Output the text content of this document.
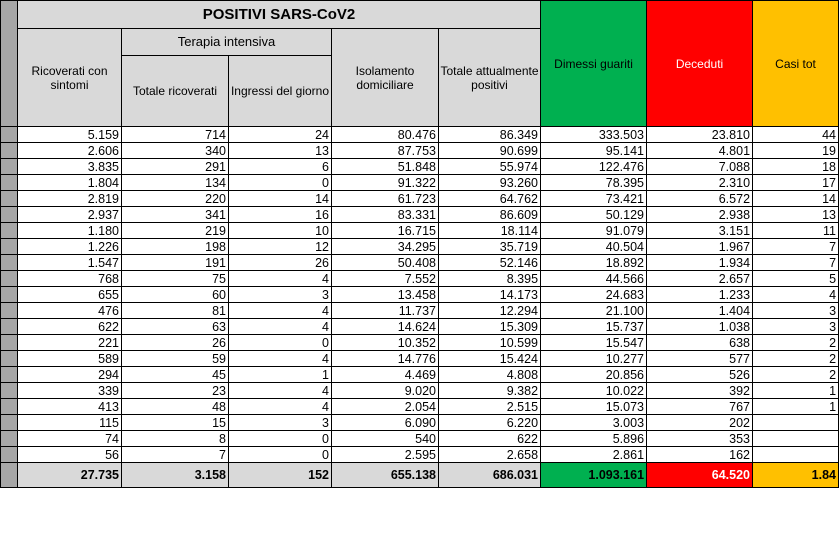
	POSITIVI SARS-CoV2					Dimessi guariti	Deceduti	Casi tot
	Ricoverati con sintomi	Terapia intensiva		Isolamento domiciliare	Totale attualmente positivi			
		Totale ricoverati	Ingressi del giorno					
	5.159	714	24	80.476	86.349	333.503	23.810	44
	2.606	340	13	87.753	90.699	95.141	4.801	19
	3.835	291	6	51.848	55.974	122.476	7.088	18
	1.804	134	0	91.322	93.260	78.395	2.310	17
	2.819	220	14	61.723	64.762	73.421	6.572	14
	2.937	341	16	83.331	86.609	50.129	2.938	13
	1.180	219	10	16.715	18.114	91.079	3.151	11
	1.226	198	12	34.295	35.719	40.504	1.967	7
	1.547	191	26	50.408	52.146	18.892	1.934	7
	768	75	4	7.552	8.395	44.566	2.657	5
	655	60	3	13.458	14.173	24.683	1.233	4
	476	81	4	11.737	12.294	21.100	1.404	3
	622	63	4	14.624	15.309	15.737	1.038	3
	221	26	0	10.352	10.599	15.547	638	2
	589	59	4	14.776	15.424	10.277	577	2
	294	45	1	4.469	4.808	20.856	526	2
	339	23	4	9.020	9.382	10.022	392	1
	413	48	4	2.054	2.515	15.073	767	1
	115	15	3	6.090	6.220	3.003	202	
	74	8	0	540	622	5.896	353	
	56	7	0	2.595	2.658	2.861	162	
	27.735	3.158	152	655.138	686.031	1.093.161	64.520	1.84
